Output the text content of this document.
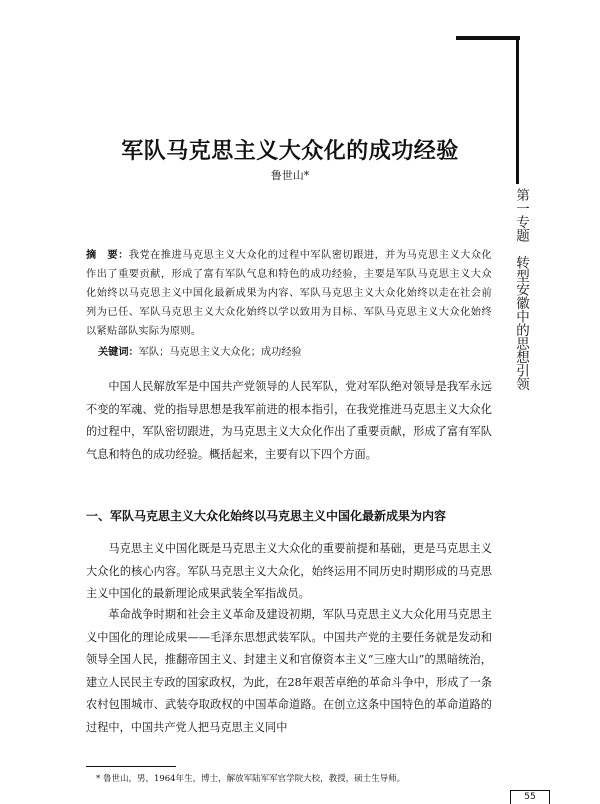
第一专题　转型安徽中的思想引领
军队马克思主义大众化的成功经验
鲁世山*
摘　要：我党在推进马克思主义大众化的过程中军队密切跟进，并为马克思主义大众化作出了重要贡献，形成了富有军队气息和特色的成功经验，主要是军队马克思主义大众化始终以马克思主义中国化最新成果为内容、军队马克思主义大众化始终以走在社会前列为已任、军队马克思主义大众化始终以学以致用为目标、军队马克思主义大众化始终以紧贴部队实际为原则。
关键词：军队；马克思主义大众化；成功经验
中国人民解放军是中国共产党领导的人民军队，党对军队绝对领导是我军永远不变的军魂、党的指导思想是我军前进的根本指引，在我党推进马克思主义大众化的过程中，军队密切跟进，为马克思主义大众化作出了重要贡献，形成了富有军队气息和特色的成功经验。概括起来，主要有以下四个方面。
一、军队马克思主义大众化始终以马克思主义中国化最新成果为内容
马克思主义中国化既是马克思主义大众化的重要前提和基础，更是马克思主义大众化的核心内容。军队马克思主义大众化，始终运用不同历史时期形成的马克思主义中国化的最新理论成果武装全军指战员。
革命战争时期和社会主义革命及建设初期，军队马克思主义大众化用马克思主义中国化的理论成果——毛泽东思想武装军队。中国共产党的主要任务就是发动和领导全国人民，推翻帝国主义、封建主义和官僚资本主义“三座大山”的黑暗统治，建立人民民主专政的国家政权，为此，在28年艰苦卓绝的革命斗争中，形成了一条农村包围城市、武装夺取政权的中国革命道路。在创立这条中国特色的革命道路的过程中，中国共产党人把马克思主义同中
* 鲁世山，男，1964年生，博士，解放军陆军军官学院大校，教授，硕士生导师。
55
